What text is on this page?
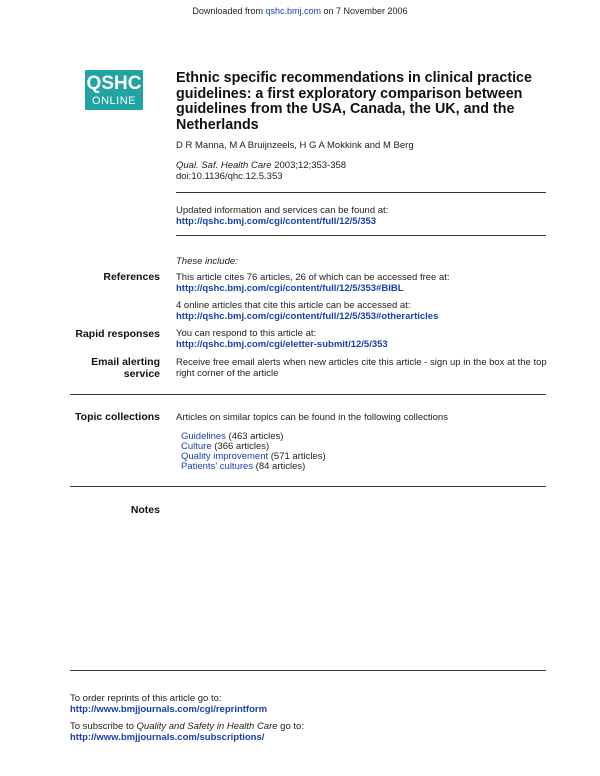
Downloaded from qshc.bmj.com on 7 November 2006
QSHC
ONLINE
Ethnic specific recommendations in clinical practice guidelines: a first exploratory comparison between guidelines from the USA, Canada, the UK, and the Netherlands
D R Manna, M A Bruijnzeels, H G A Mokkink and M Berg
Qual. Saf. Health Care 2003;12;353-358
doi:10.1136/qhc.12.5.353
Updated information and services can be found at:
http://qshc.bmj.com/cgi/content/full/12/5/353
These include:
References This article cites 76 articles, 26 of which can be accessed free at:
http://qshc.bmj.com/cgi/content/full/12/5/353#BIBL
4 online articles that cite this article can be accessed at:
http://qshc.bmj.com/cgi/content/full/12/5/353#otherarticles
Rapid responses You can respond to this article at:
http://qshc.bmj.com/cgi/eletter-submit/12/5/353
Email alerting
service
Receive free email alerts when new articles cite this article - sign up in the box at the top right corner of the article
Topic collections Articles on similar topics can be found in the following collections
Guidelines (463 articles)
Culture (366 articles)
Quality improvement (571 articles)
Patients' cultures (84 articles)
Notes
To order reprints of this article go to:
http://www.bmjjournals.com/cgi/reprintform
To subscribe to Quality and Safety in Health Care go to:
http://www.bmjjournals.com/subscriptions/
